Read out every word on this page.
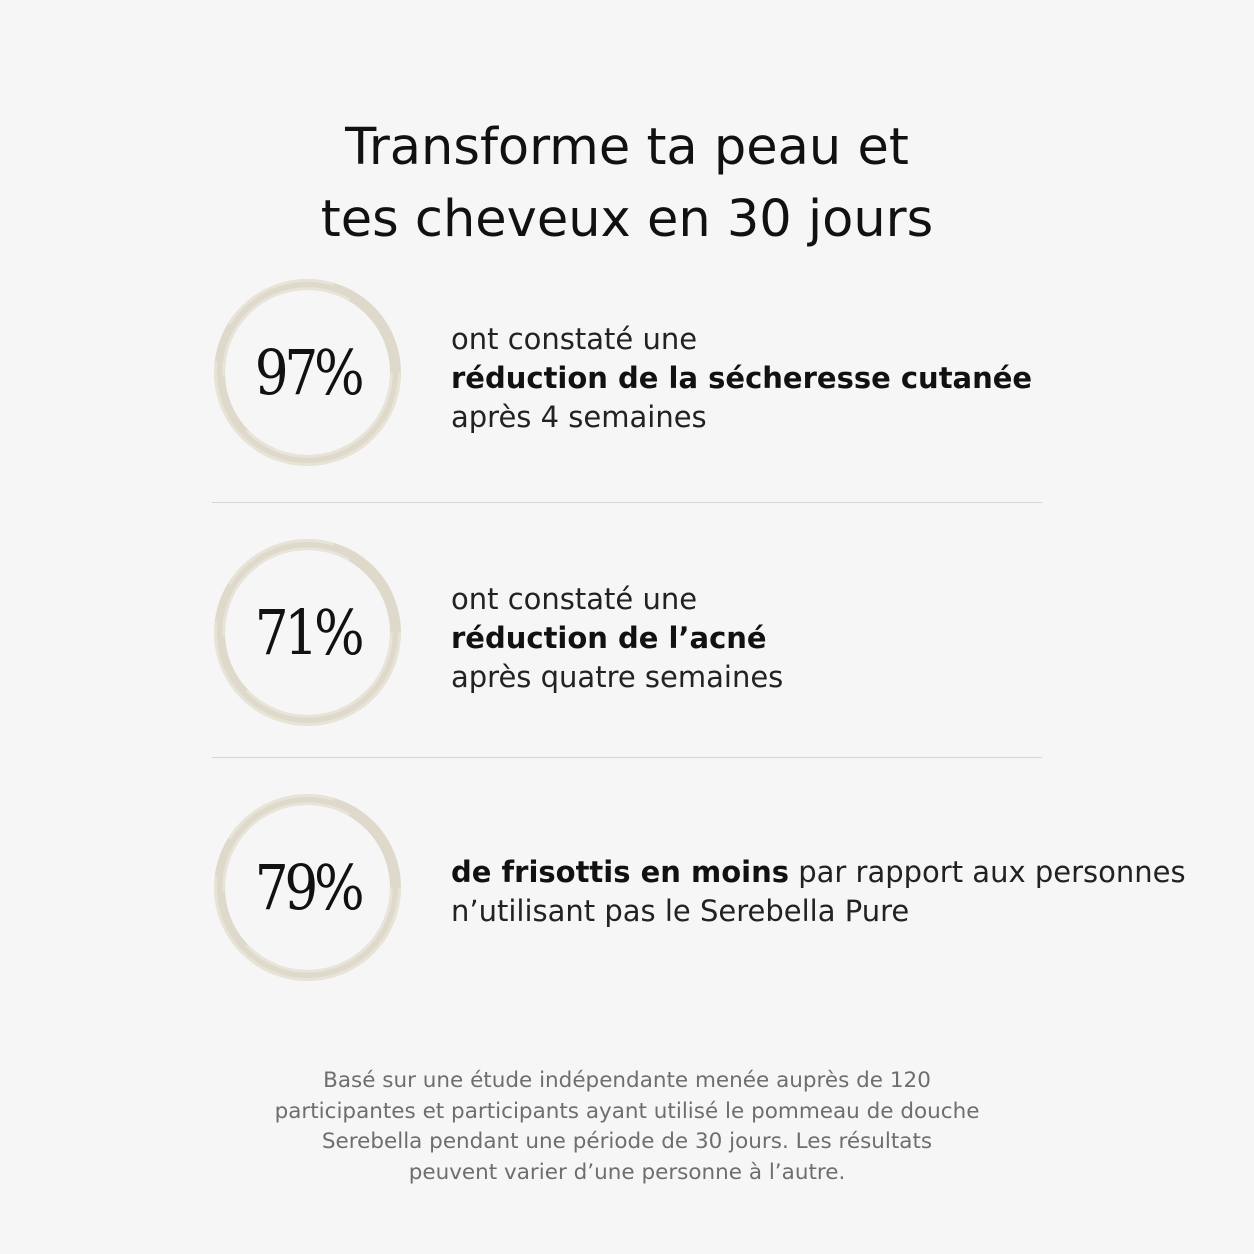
Transforme ta peau et
tes cheveux en 30 jours
97%	ont constaté une
réduction de la sécheresse cutanée
après 4 semaines
71%	ont constaté une
réduction de l’acné
après quatre semaines
79%	de frisottis en moins par rapport aux personnes
n’utilisant pas le Serebella Pure
Basé sur une étude indépendante menée auprès de 120
participantes et participants ayant utilisé le pommeau de douche
Serebella pendant une période de 30 jours. Les résultats
peuvent varier d’une personne à l’autre.
